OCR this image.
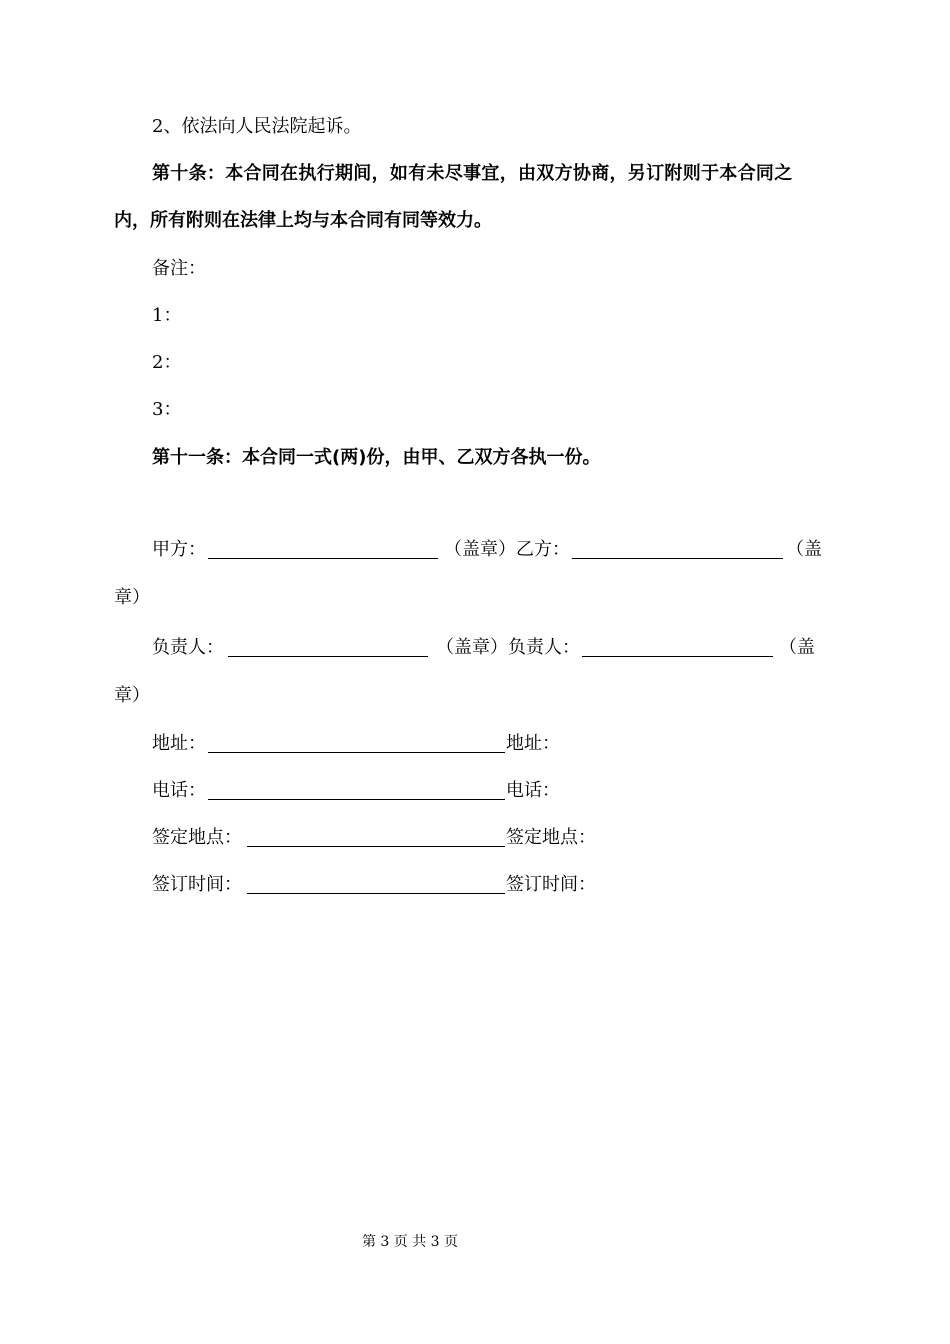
2、依法向人民法院起诉。
第十条：本合同在执行期间，如有未尽事宜，由双方协商，另订附则于本合同之
内，所有附则在法律上均与本合同有同等效力。
备注：
1：
2：
3：
第十一条：本合同一式(两)份，由甲、乙双方各执一份。
甲方：	（盖章）乙方：	（盖
章）
负责人：	（盖章）负责人：	（盖
章）
地址：	地址：
电话：	电话：
签定地点：	签定地点：
签订时间：	签订时间：
第 3 页 共 3 页
